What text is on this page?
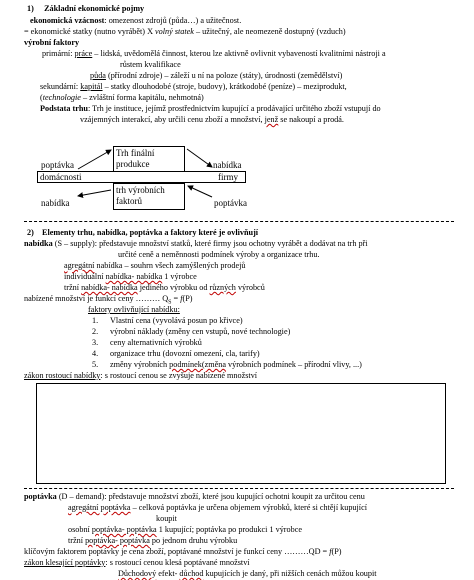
1) Základní ekonomické pojmy
ekonomická vzácnost: omezenost zdrojů (půda…) a užitečnost.
= ekonomické statky (nutno vyrábět) X volný statek – užitečný, ale neomezeně dostupný (vzduch)
výrobní faktory
primární: práce – lidská, uvědomělá činnost, kterou lze aktivně ovlivnit vybaveností kvalitními nástroji a
růstem kvalifikace
půda (přírodní zdroje) – záleží u ní na poloze (státy), úrodnosti (zemědělství)
sekundární: kapitál – statky dlouhodobé (stroje, budovy), krátkodobé (peníze) – meziprodukt,
(technologie – zvláštní forma kapitálu, nehmotná)
Podstata trhu: Trh je instituce, jejímž prostřednictvím kupující a prodávající určitého zboží vstupují do
vzájemných interakcí, aby určili cenu zboží a množství, jenž se nakoupí a prodá.
Trh finální produkce
domácnosti	firmy
trh výrobních faktorů
poptávka	nabídka
nabídka	poptávka
2) Elementy trhu, nabídka, poptávka a faktory které je ovlivňují
nabídka (S – supply): představuje množství statků, které firmy jsou ochotny vyrábět a dodávat na trh při
určité ceně a neměnnosti podmínek výroby a organizace trhu.
agregátní nabídka – souhrn všech zamýšlených prodejů
individuální nabídka- nabídka 1 výrobce
tržní nabídka- nabídka jediného výrobku od různých výrobců
nabízené množství je funkcí ceny ……… $Q_S = f(P)$
faktory ovlivňující nabídku:
1. Vlastní cena (vyvolává posun po křivce)
2. výrobní náklady (změny cen vstupů, nové technologie)
3. ceny alternativních výrobků
4. organizace trhu (dovozní omezení, cla, tarify)
5. změny výrobních podmínek(změna výrobních podmínek – přírodní vlivy, ...)
zákon rostoucí nabídky: s rostoucí cenou se zvyšuje nabízené množství
poptávka (D – demand): představuje množství zboží, které jsou kupující ochotni koupit za určitou cenu
agregátní poptávka – celková poptávka je určena objemem výrobků, které si chtějí kupující
koupit
osobní poptávka- poptávka 1 kupující; poptávka po produkci 1 výrobce
tržní poptávka- poptávka po jednom druhu výrobku
klíčovým faktorem poptávky je cena zboží, poptávané množství je funkcí ceny ………QD = f(P)
zákon klesající poptávky: s rostoucí cenou klesá poptávané množství
Důchodový efekt- důchod kupujících je daný, při nižších cenách můžou koupit
